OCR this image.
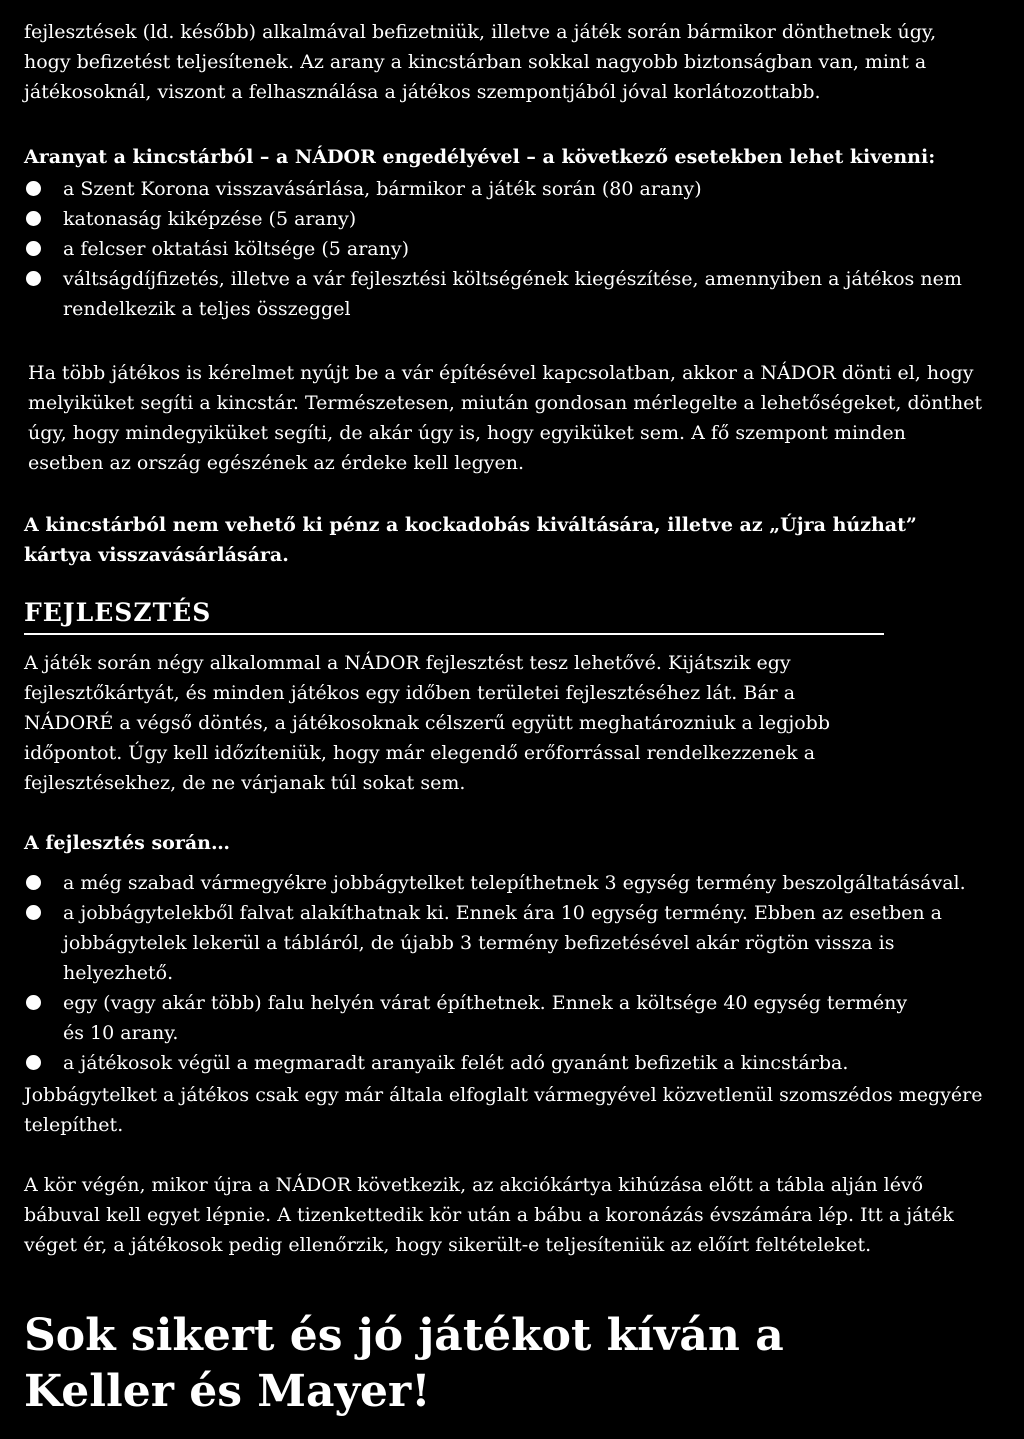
fejlesztések (ld. később) alkalmával befizetniük, illetve a játék során bármikor dönthetnek úgy, hogy befizetést teljesítenek. Az arany a kincstárban sokkal nagyobb biztonságban van, mint a játékosoknál, viszont a felhasználása a játékos szempontjából jóval korlátozottabb.

Aranyat a kincstárból – a NÁDOR engedélyével – a következő esetekben lehet kivenni:

a Szent Korona visszavásárlása, bármikor a játék során (80 arany)
katonaság kiképzése (5 arany)
a felcser oktatási költsége (5 arany)
váltságdíjfizetés, illetve a vár fejlesztési költségének kiegészítése, amennyiben a játékos nem rendelkezik a teljes összeggel

Ha több játékos is kérelmet nyújt be a vár építésével kapcsolatban, akkor a NÁDOR dönti el, hogy melyiküket segíti a kincstár. Természetesen, miután gondosan mérlegelte a lehetőségeket, dönthet úgy, hogy mindegyiküket segíti, de akár úgy is, hogy egyiküket sem. A fő szempont minden esetben az ország egészének az érdeke kell legyen.

A kincstárból nem vehető ki pénz a kockadobás kiváltására, illetve az „Újra húzhat” kártya visszavásárlására.

FEJLESZTÉS

A játék során négy alkalommal a NÁDOR fejlesztést tesz lehetővé. Kijátszik egy fejlesztőkártyát, és minden játékos egy időben területei fejlesztéséhez lát. Bár a NÁDORÉ a végső döntés, a játékosoknak célszerű együtt meghatározniuk a legjobb időpontot. Úgy kell időzíteniük, hogy már elegendő erőforrással rendelkezzenek a fejlesztésekhez, de ne várjanak túl sokat sem.

A fejlesztés során…

a még szabad vármegyékre jobbágytelket telepíthetnek 3 egység termény beszolgáltatásával.
a jobbágytelekből falvat alakíthatnak ki. Ennek ára 10 egység termény. Ebben az esetben a jobbágytelek lekerül a tábláról, de újabb 3 termény befizetésével akár rögtön vissza is helyezhető.
egy (vagy akár több) falu helyén várat építhetnek. Ennek a költsége 40 egység termény és 10 arany.
a játékosok végül a megmaradt aranyaik felét adó gyanánt befizetik a kincstárba.

Jobbágytelket a játékos csak egy már általa elfoglalt vármegyével közvetlenül szomszédos megyére telepíthet.

A kör végén, mikor újra a NÁDOR következik, az akciókártya kihúzása előtt a tábla alján lévő bábuval kell egyet lépnie. A tizenkettedik kör után a bábu a koronázás évszámára lép. Itt a játék véget ér, a játékosok pedig ellenőrzik, hogy sikerült-e teljesíteniük az előírt feltételeket.

Sok sikert és jó játékot kíván a

Keller és Mayer!
